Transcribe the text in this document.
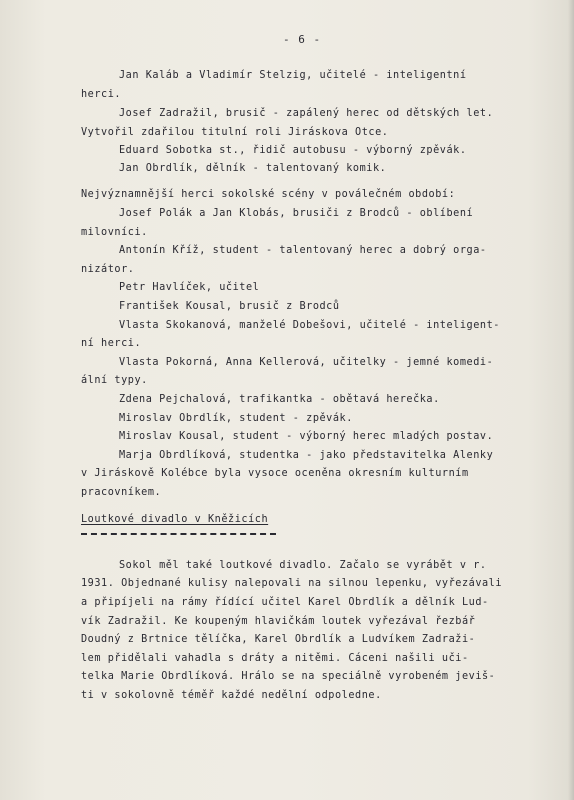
- 6 -
Jan Kaláb a Vladimír Stelzig, učitelé - inteligentní
herci.
Josef Zadražil, brusič - zapálený herec od dětských let.
Vytvořil zdařilou titulní roli Jiráskova Otce.
Eduard Sobotka st., řidič autobusu - výborný zpěvák.
Jan Obrdlík, dělník - talentovaný komik.
Nejvýznamnější herci sokolské scény v poválečném období:
Josef Polák a Jan Klobás, brusiči z Brodců - oblíbení
milovníci.
Antonín Kříž, student - talentovaný herec a dobrý orga-
nizátor.
Petr Havlíček, učitel
František Kousal, brusič z Brodců
Vlasta Skokanová, manželé Dobešovi, učitelé - inteligent-
ní herci.
Vlasta Pokorná, Anna Kellerová, učitelky - jemné komedi-
ální typy.
Zdena Pejchalová, trafikantka - obětavá herečka.
Miroslav Obrdlík, student - zpěvák.
Miroslav Kousal, student - výborný herec mladých postav.
Marja Obrdlíková, studentka - jako představitelka Alenky
v Jiráskově Kolébce byla vysoce oceněna okresním kulturním
pracovníkem.
Loutkové divadlo v Kněžicích
Sokol měl také loutkové divadlo. Začalo se vyrábět v r.
1931. Objednané kulisy nalepovali na silnou lepenku, vyřezávali
a připíjeli na rámy řídící učitel Karel Obrdlík a dělník Lud-
vík Zadražil. Ke koupeným hlavičkám loutek vyřezával řezbář
Doudný z Brtnice tělíčka, Karel Obrdlík a Ludvíkem Zadraži-
lem přidělali vahadla s dráty a nitěmi. Cáceni našili uči-
telka Marie Obrdlíková. Hrálo se na speciálně vyrobeném jeviš-
ti v sokolovně téměř každé nedělní odpoledne.
